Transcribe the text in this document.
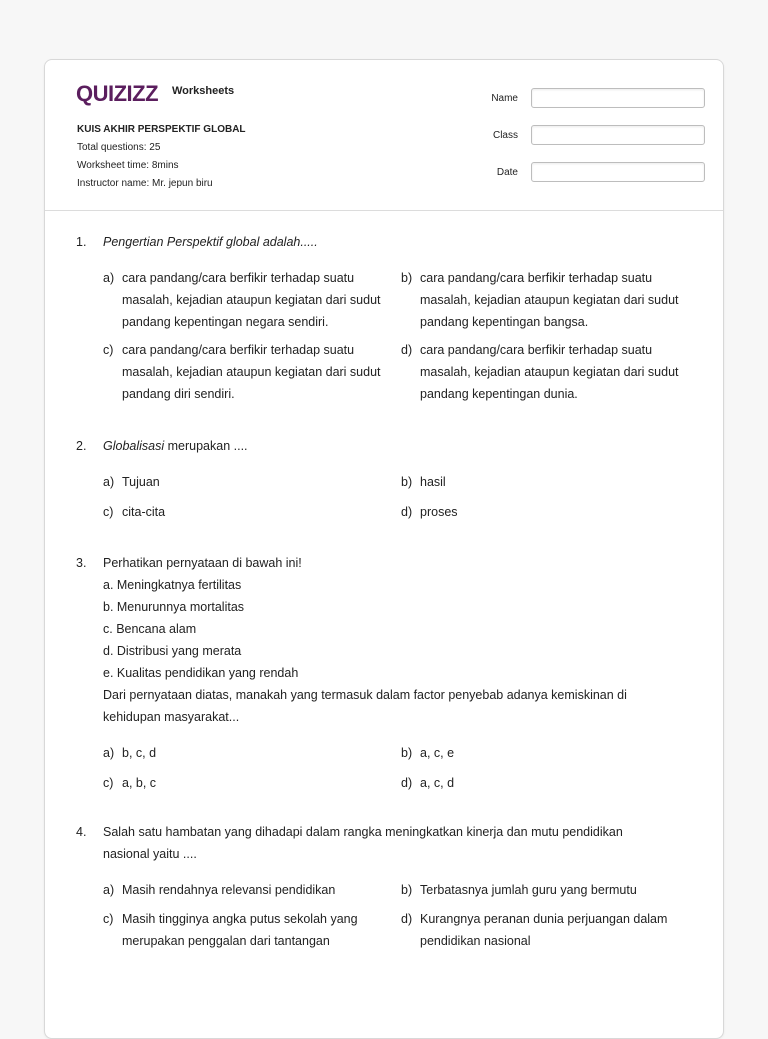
QUIZIZZ Worksheets
KUIS AKHIR PERSPEKTIF GLOBAL
Total questions: 25
Worksheet time: 8mins
Instructor name: Mr. jepun biru
Name
Class
Date
1.	Pengertian Perspektif global adalah.....
a) cara pandang/cara berfikir terhadap suatu masalah, kejadian ataupun kegiatan dari sudut pandang kepentingan negara sendiri.
b) cara pandang/cara berfikir terhadap suatu masalah, kejadian ataupun kegiatan dari sudut pandang kepentingan bangsa.
c) cara pandang/cara berfikir terhadap suatu masalah, kejadian ataupun kegiatan dari sudut pandang diri sendiri.
d) cara pandang/cara berfikir terhadap suatu masalah, kejadian ataupun kegiatan dari sudut pandang kepentingan dunia.
2.	Globalisasi merupakan ....
a) Tujuan	b) hasil
c) cita-cita	d) proses
3.	Perhatikan pernyataan di bawah ini!
a. Meningkatnya fertilitas
b. Menurunnya mortalitas
c. Bencana alam
d. Distribusi yang merata
e. Kualitas pendidikan yang rendah
Dari pernyataan diatas, manakah yang termasuk dalam factor penyebab adanya kemiskinan di
kehidupan masyarakat...
a) b, c, d	b) a, c, e
c) a, b, c	d) a, c, d
4.	Salah satu hambatan yang dihadapi dalam rangka meningkatkan kinerja dan mutu pendidikan
nasional yaitu ....
a) Masih rendahnya relevansi pendidikan	b) Terbatasnya jumlah guru yang bermutu
c) Masih tingginya angka putus sekolah yang merupakan penggalan dari tantangan
d) Kurangnya peranan dunia perjuangan dalam pendidikan nasional
